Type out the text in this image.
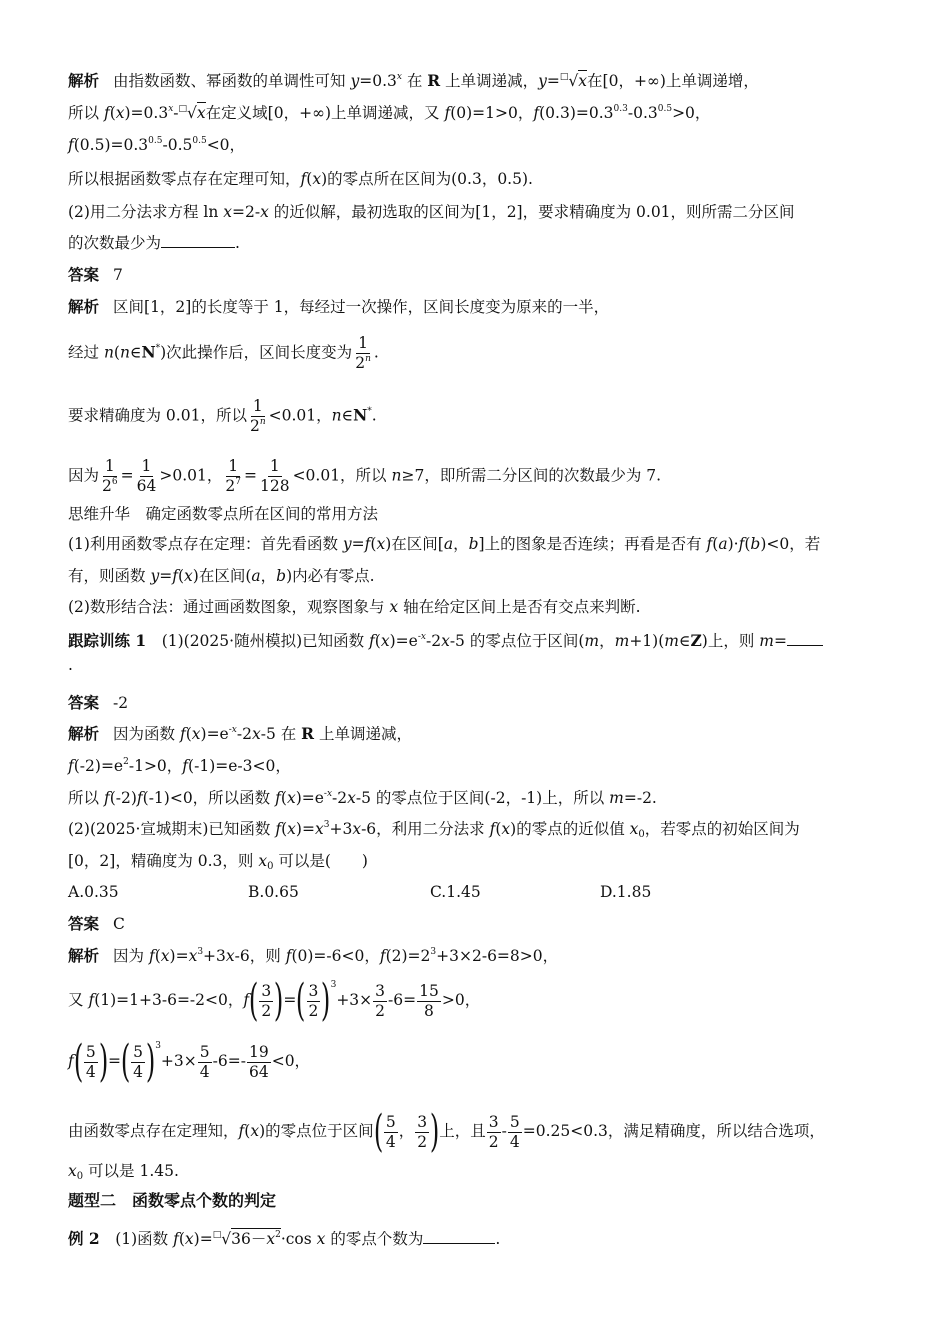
解析 由指数函数、幂函数的单调性可知 $y=0.3^x$ 在 R 上单调递减，y=□√x在[0，+∞)上单调递增，
所以 $f(x)=0.3^x-^□√x$在定义域[0，+∞)上单调递减，又 f(0)=1>0，$f(0.3)=0.3^{0.3}-0.3^{0.5}>0$，
$f(0.5)=0.3^{0.5}-0.5^{0.5}<0$，
所以根据函数零点存在定理可知，f(x)的零点所在区间为(0.3，0.5).
(2)用二分法求方程 ln x=2-x 的近似解，最初选取的区间为[1，2]，要求精确度为 0.01，则所需二分区间
的次数最少为	.
答案 7
解析 区间[1，2]的长度等于 1，每经过一次操作，区间长度变为原来的一半，
经过 n(n∈N*)次此操作后，区间长度变为 $\frac{1}{2^n}$ .
要求精确度为 0.01，所以 $\frac{1}{2^n} <0.01$，n∈N*.
因为 $\frac{1}{2^6} = \frac{1}{64} >0.01$， $\frac{1}{2^7} = \frac{1}{128} <0.01$，所以 n≥7，即所需二分区间的次数最少为 7.
思维升华　 确定函数零点所在区间的常用方法
(1)利用函数零点存在定理：首先看函数 y=f(x)在区间[a，b]上的图象是否连续；再看是否有 f(a)·f(b)<0，若
有，则函数 y=f(x)在区间(a，b)内必有零点.
(2)数形结合法：通过画函数图象，观察图象与 x 轴在给定区间上是否有交点来判断.
跟踪训练 1　(1)(2025·随州模拟)已知函数 $f(x)=e^{-x}-2x-5$ 的零点位于区间(m，m+1)(m∈Z)上，则 m=
.
答案 -2
解析 因为函数 $f(x)=e^{-x}-2x-5$ 在 R 上单调递减，
$f(-2)=e^2-1>0$，f(-1)=e-3<0，
所以 f(-2)f(-1)<0，所以函数 $f(x)=e^{-x}-2x-5$ 的零点位于区间(-2，-1)上，所以 m=-2.
(2)(2025·宣城期末)已知函数 $f(x)=x^3+3x-6$，利用二分法求 f(x)的零点的近似值 $x_0$，若零点的初始区间为
[0，2]，精确度为 0.3，则 $x_0$ 可以是(　　)
A.0.35	B.0.65	C.1.45	D.1.85
答案 C
解析 因为 $f(x)=x^3+3x-6$，则 f(0)=-6<0，$f(2)=2^3+3\times 2-6=8>0$，
又 f(1)=1+3-6=-2<0，$f( \frac{3}{2}$ )=( $\frac{3}{2} )^3+3\times \frac{3}{2} -6= \frac{15}{8} >0$，
$f( \frac{5}{4}$ )=( $\frac{5}{4} )^3+3\times \frac{5}{4} -6=- \frac{19}{64} <0$，
由函数零点存在定理知，f(x)的零点位于区间( $\frac{5}{4}$ ， $\frac{3}{2}$ )上，且 $\frac{3}{2} - \frac{5}{4} =0.25<0.3$，满足精确度，所以结合选项，
$x_0$ 可以是 1.45.
题型二　函数零点个数的判定
例 2　(1)函数 $f(x)=^□√36-x^2\cdot\cos$ x 的零点个数为	.
